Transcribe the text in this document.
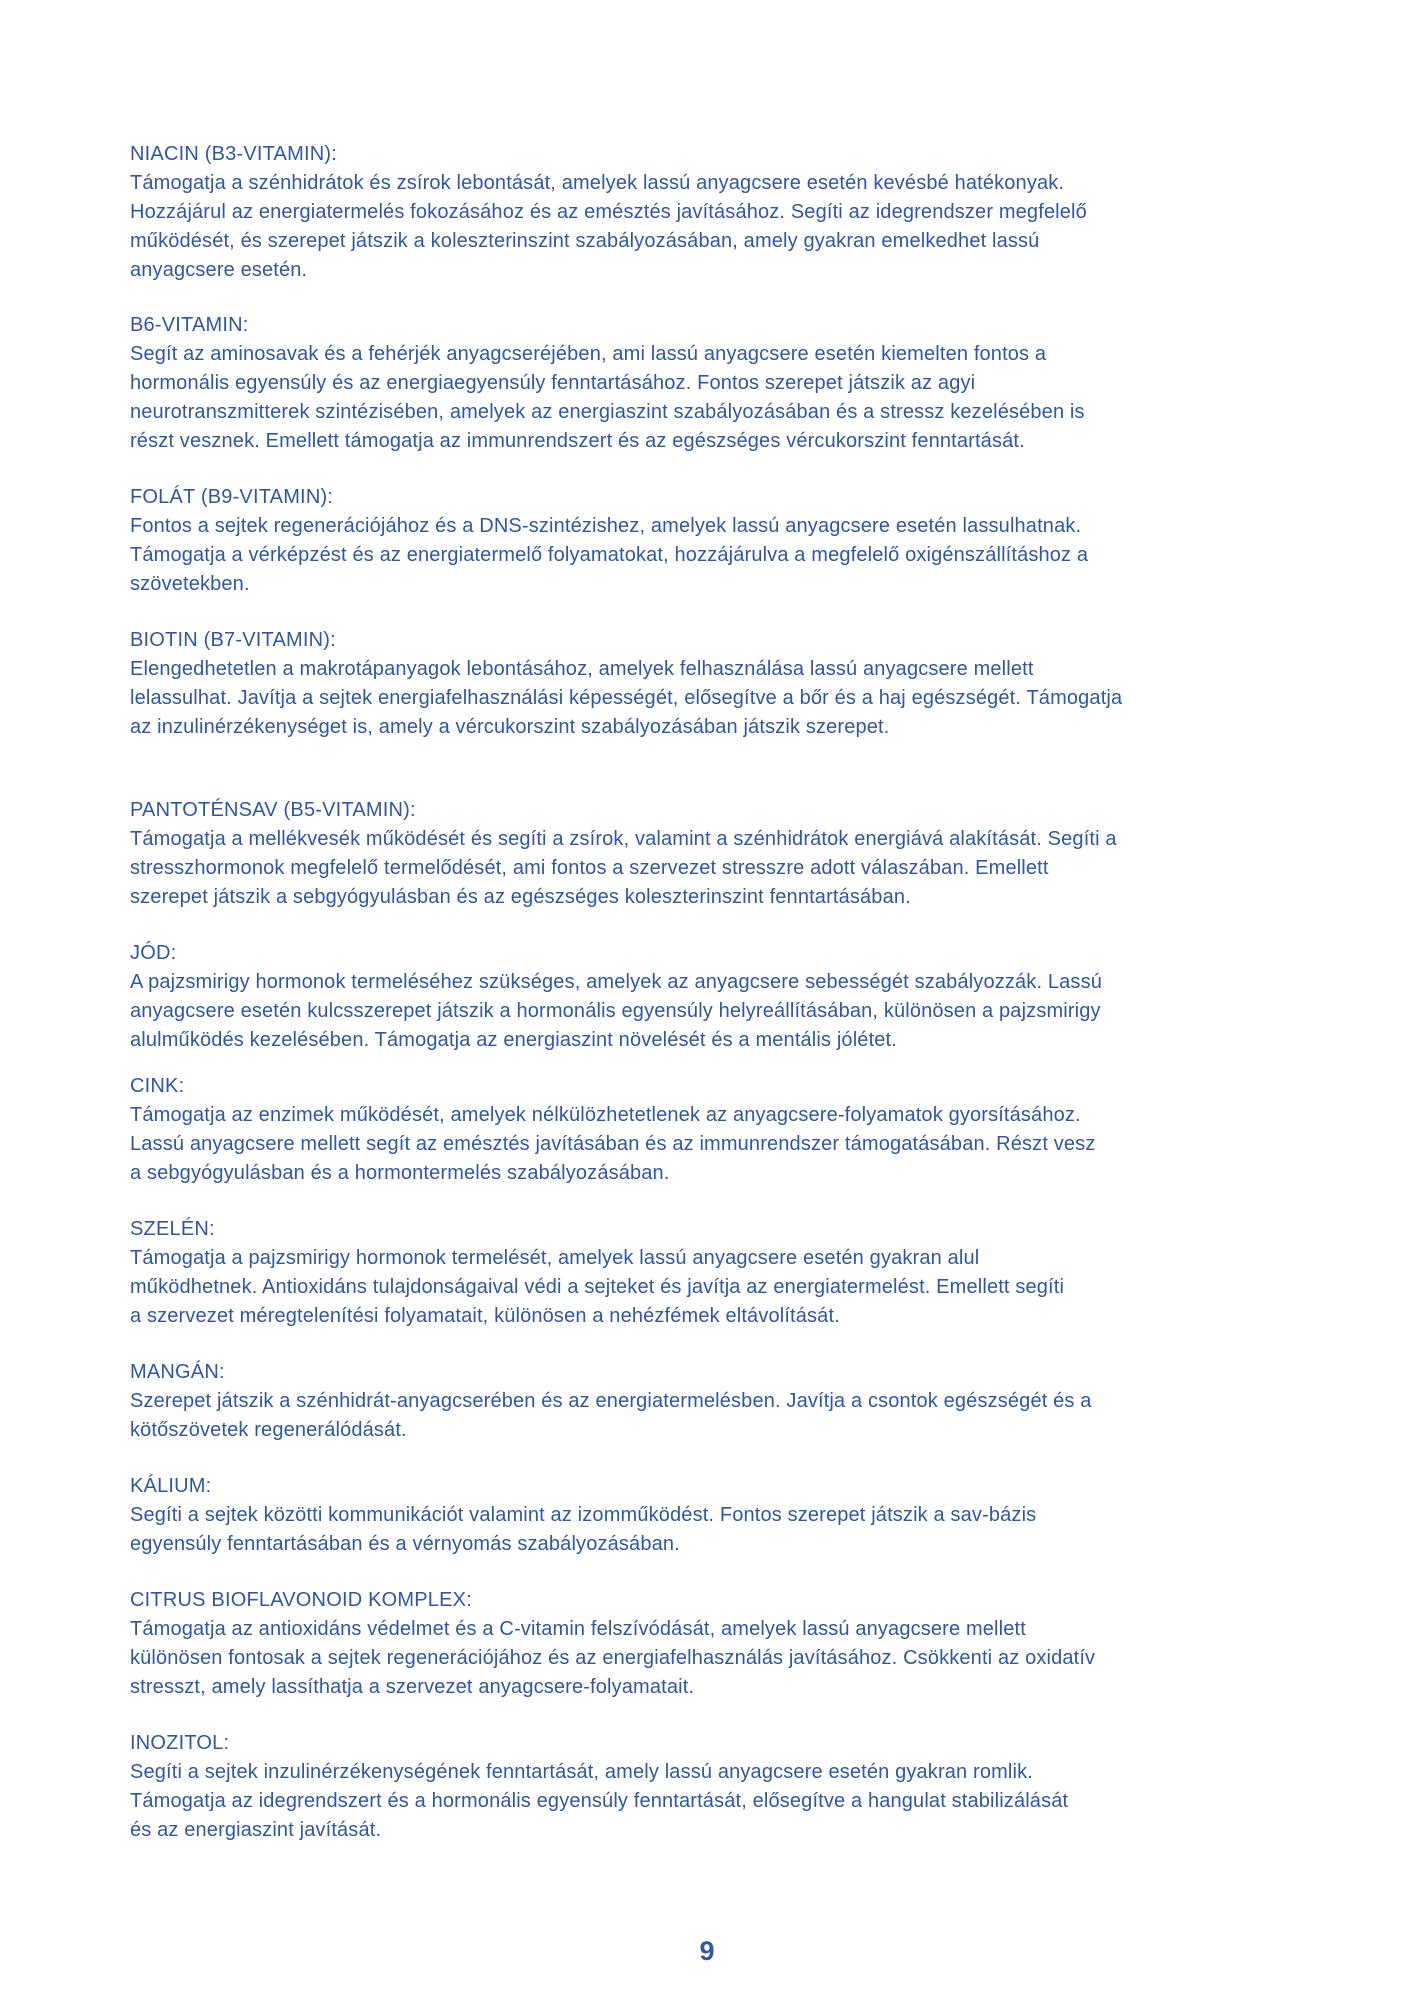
NIACIN (B3-VITAMIN):
Támogatja a szénhidrátok és zsírok lebontását, amelyek lassú anyagcsere esetén kevésbé hatékonyak.
Hozzájárul az energiatermelés fokozásához és az emésztés javításához. Segíti az idegrendszer megfelelő
működését, és szerepet játszik a koleszterinszint szabályozásában, amely gyakran emelkedhet lassú
anyagcsere esetén.
B6-VITAMIN:
Segít az aminosavak és a fehérjék anyagcseréjében, ami lassú anyagcsere esetén kiemelten fontos a
hormonális egyensúly és az energiaegyensúly fenntartásához. Fontos szerepet játszik az agyi
neurotranszmitterek szintézisében, amelyek az energiaszint szabályozásában és a stressz kezelésében is
részt vesznek. Emellett támogatja az immunrendszert és az egészséges vércukorszint fenntartását.
FOLÁT (B9-VITAMIN):
Fontos a sejtek regenerációjához és a DNS-szintézishez, amelyek lassú anyagcsere esetén lassulhatnak.
Támogatja a vérképzést és az energiatermelő folyamatokat, hozzájárulva a megfelelő oxigénszállításhoz a
szövetekben.
BIOTIN (B7-VITAMIN):
Elengedhetetlen a makrotápanyagok lebontásához, amelyek felhasználása lassú anyagcsere mellett
lelassulhat. Javítja a sejtek energiafelhasználási képességét, elősegítve a bőr és a haj egészségét. Támogatja
az inzulinérzékenységet is, amely a vércukorszint szabályozásában játszik szerepet.
PANTOTÉNSAV (B5-VITAMIN):
Támogatja a mellékvesék működését és segíti a zsírok, valamint a szénhidrátok energiává alakítását. Segíti a
stresszhormonok megfelelő termelődését, ami fontos a szervezet stresszre adott válaszában. Emellett
szerepet játszik a sebgyógyulásban és az egészséges koleszterinszint fenntartásában.
JÓD:
A pajzsmirigy hormonok termeléséhez szükséges, amelyek az anyagcsere sebességét szabályozzák. Lassú
anyagcsere esetén kulcsszerepet játszik a hormonális egyensúly helyreállításában, különösen a pajzsmirigy
alulműködés kezelésében. Támogatja az energiaszint növelését és a mentális jólétet.
CINK:
Támogatja az enzimek működését, amelyek nélkülözhetetlenek az anyagcsere-folyamatok gyorsításához.
Lassú anyagcsere mellett segít az emésztés javításában és az immunrendszer támogatásában. Részt vesz
a sebgyógyulásban és a hormontermelés szabályozásában.
SZELÉN:
Támogatja a pajzsmirigy hormonok termelését, amelyek lassú anyagcsere esetén gyakran alul
működhetnek. Antioxidáns tulajdonságaival védi a sejteket és javítja az energiatermelést. Emellett segíti
a szervezet méregtelenítési folyamatait, különösen a nehézfémek eltávolítását.
MANGÁN:
Szerepet játszik a szénhidrát-anyagcserében és az energiatermelésben. Javítja a csontok egészségét és a
kötőszövetek regenerálódását.
KÁLIUM:
Segíti a sejtek közötti kommunikációt valamint az izomműködést. Fontos szerepet játszik a sav-bázis
egyensúly fenntartásában és a vérnyomás szabályozásában.
CITRUS BIOFLAVONOID KOMPLEX:
Támogatja az antioxidáns védelmet és a C-vitamin felszívódását, amelyek lassú anyagcsere mellett
különösen fontosak a sejtek regenerációjához és az energiafelhasználás javításához. Csökkenti az oxidatív
stresszt, amely lassíthatja a szervezet anyagcsere-folyamatait.
INOZITOL:
Segíti a sejtek inzulinérzékenységének fenntartását, amely lassú anyagcsere esetén gyakran romlik.
Támogatja az idegrendszert és a hormonális egyensúly fenntartását, elősegítve a hangulat stabilizálását
és az energiaszint javítását.
9
